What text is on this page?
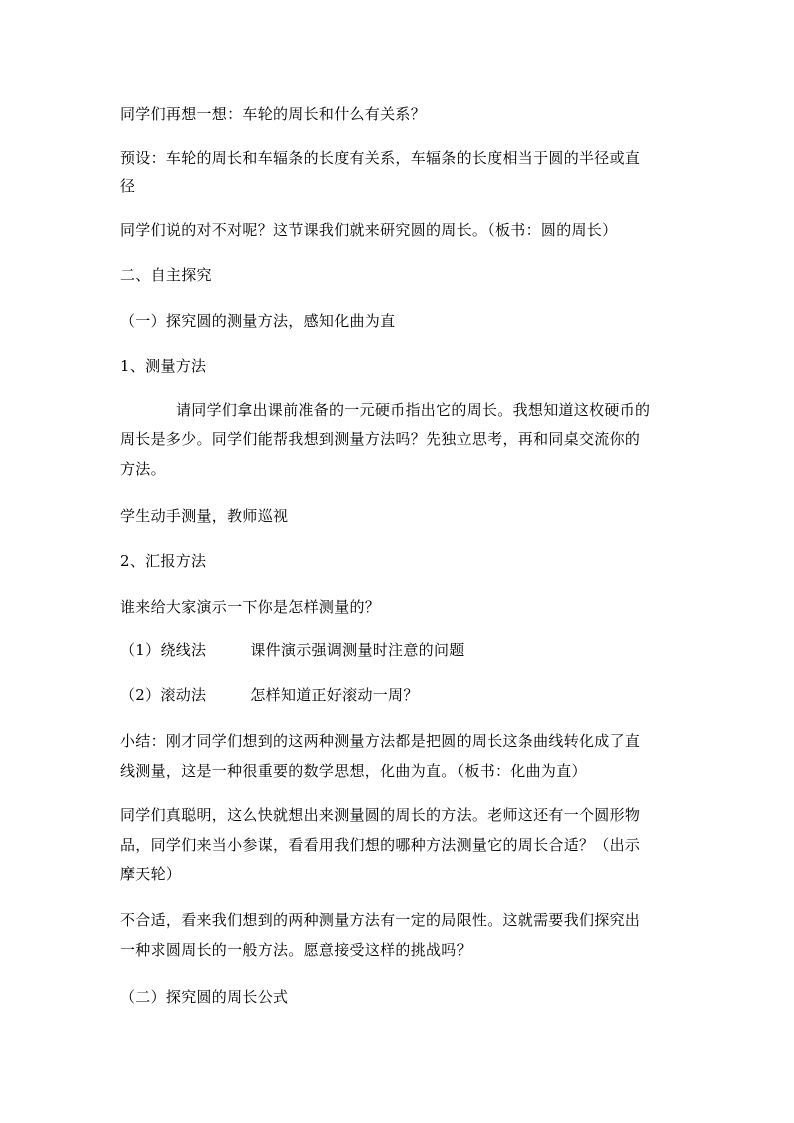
同学们再想一想：车轮的周长和什么有关系？
预设：车轮的周长和车辐条的长度有关系，车辐条的长度相当于圆的半径或直
径
同学们说的对不对呢？这节课我们就来研究圆的周长。（板书：圆的周长）
二、自主探究
（一）探究圆的测量方法，感知化曲为直
1、测量方法
请同学们拿出课前准备的一元硬币指出它的周长。我想知道这枚硬币的
周长是多少。同学们能帮我想到测量方法吗？先独立思考，再和同桌交流你的
方法。
学生动手测量，教师巡视
2、汇报方法
谁来给大家演示一下你是怎样测量的？
（1）绕线法	课件演示强调测量时注意的问题
（2）滚动法	怎样知道正好滚动一周？
小结：刚才同学们想到的这两种测量方法都是把圆的周长这条曲线转化成了直
线测量，这是一种很重要的数学思想，化曲为直。（板书：化曲为直）
同学们真聪明，这么快就想出来测量圆的周长的方法。老师这还有一个圆形物
品，同学们来当小参谋，看看用我们想的哪种方法测量它的周长合适？（出示
摩天轮）
不合适，看来我们想到的两种测量方法有一定的局限性。这就需要我们探究出
一种求圆周长的一般方法。愿意接受这样的挑战吗？
（二）探究圆的周长公式
